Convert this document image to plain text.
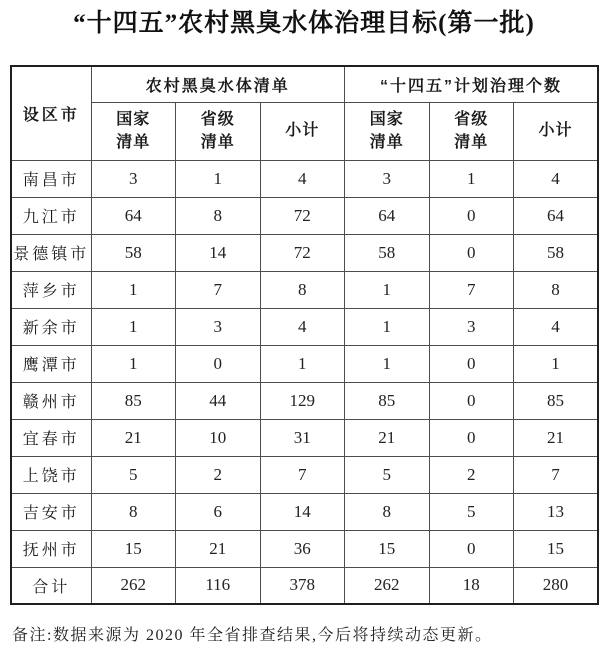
“十四五”农村黑臭水体治理目标(第一批)
设区市	农村黑臭水体清单			“十四五”计划治理个数		
	国家清单	省级清单	小计	国家清单	省级清单	小计
南昌市	3	1	4	3	1	4
九江市	64	8	72	64	0	64
景德镇市	58	14	72	58	0	58
萍乡市	1	7	8	1	7	8
新余市	1	3	4	1	3	4
鹰潭市	1	0	1	1	0	1
赣州市	85	44	129	85	0	85
宜春市	21	10	31	21	0	21
上饶市	5	2	7	5	2	7
吉安市	8	6	14	8	5	13
抚州市	15	21	36	15	0	15
合计	262	116	378	262	18	280

备注:数据来源为 2020 年全省排查结果,今后将持续动态更新。
